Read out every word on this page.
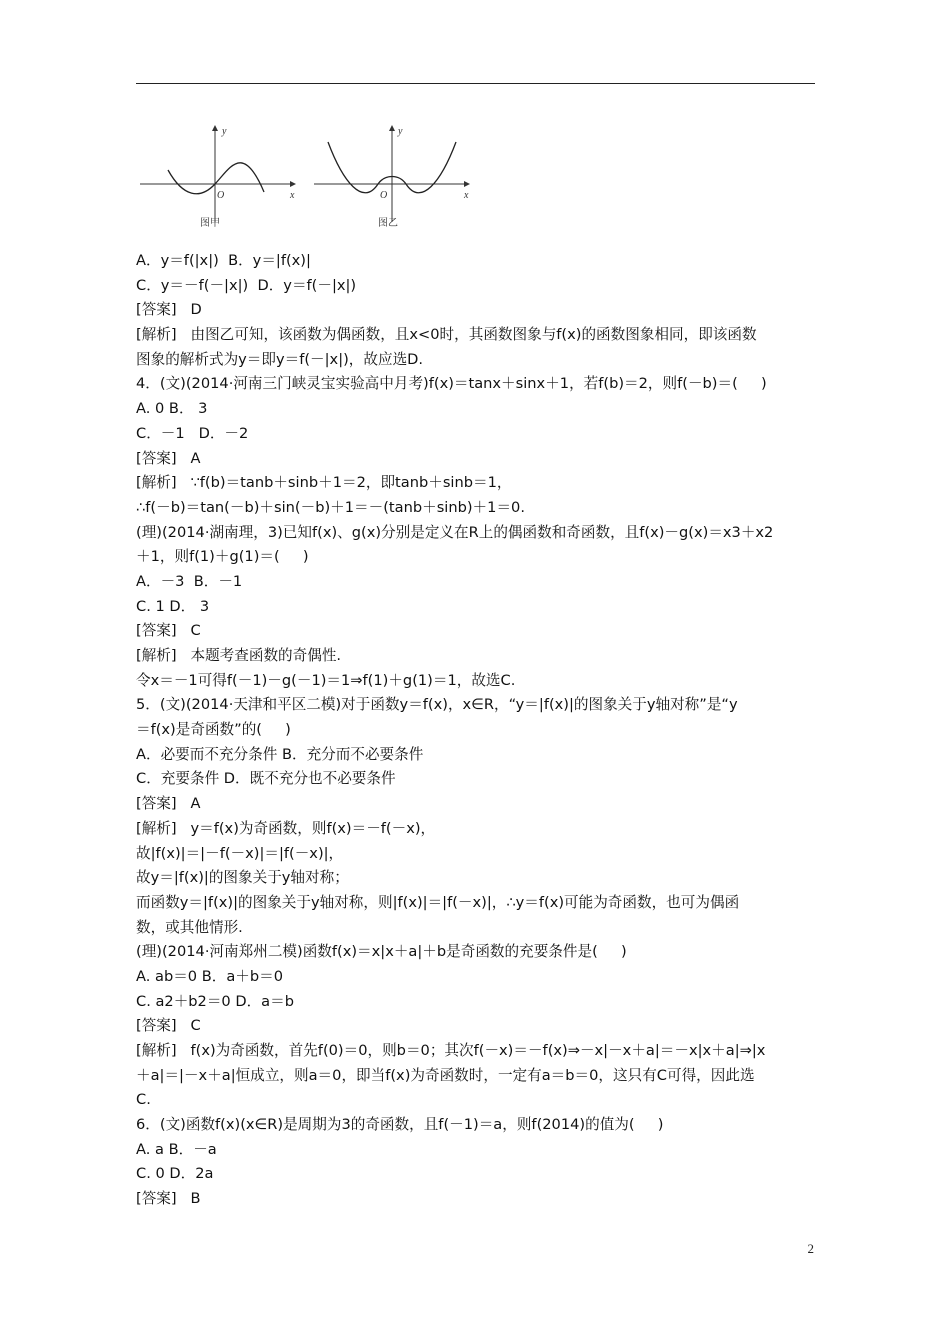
y
x
O
图甲
y
x
O
图乙
A．y＝f(|x|)  B．y＝|f(x)|
C．y＝－f(－|x|)  D．y＝f(－|x|)
[答案]   D
[解析]   由图乙可知，该函数为偶函数，且x<0时，其函数图象与f(x)的函数图象相同，即该函数
图象的解析式为y＝即y＝f(－|x|)，故应选D.
4．(文)(2014·河南三门峡灵宝实验高中月考)f(x)＝tanx＋sinx＋1，若f(b)＝2，则f(－b)＝(     )
A. 0 B． 3
C．－1   D．－2
[答案]   A
[解析]   ∵f(b)＝tanb＋sinb＋1＝2，即tanb＋sinb＝1，
∴f(－b)＝tan(－b)＋sin(－b)＋1＝－(tanb＋sinb)＋1＝0.
(理)(2014·湖南理，3)已知f(x)、g(x)分别是定义在R上的偶函数和奇函数，且f(x)－g(x)＝x3＋x2
＋1，则f(1)＋g(1)＝(     )
A．－3  B．－1
C. 1 D． 3
[答案]   C
[解析]   本题考查函数的奇偶性.
令x＝－1可得f(－1)－g(－1)＝1⇒f(1)＋g(1)＝1，故选C.
5．(文)(2014·天津和平区二模)对于函数y＝f(x)，x∈R，“y＝|f(x)|的图象关于y轴对称”是“y
＝f(x)是奇函数”的(     )
A．必要而不充分条件 B．充分而不必要条件
C．充要条件 D．既不充分也不必要条件
[答案]   A
[解析]   y＝f(x)为奇函数，则f(x)＝－f(－x)，
故|f(x)|＝|－f(－x)|＝|f(－x)|，
故y＝|f(x)|的图象关于y轴对称；
而函数y＝|f(x)|的图象关于y轴对称，则|f(x)|＝|f(－x)|，∴y＝f(x)可能为奇函数，也可为偶函
数，或其他情形.
(理)(2014·河南郑州二模)函数f(x)＝x|x＋a|＋b是奇函数的充要条件是(     )
A. ab＝0 B．a＋b＝0
C. a2＋b2＝0 D．a＝b
[答案]   C
[解析]   f(x)为奇函数，首先f(0)＝0，则b＝0；其次f(－x)＝－f(x)⇒－x|－x＋a|＝－x|x＋a|⇒|x
＋a|＝|－x＋a|恒成立，则a＝0，即当f(x)为奇函数时，一定有a＝b＝0，这只有C可得，因此选
C.
6．(文)函数f(x)(x∈R)是周期为3的奇函数，且f(－1)＝a，则f(2014)的值为(     )
A. a B．－a
C. 0 D．2a
[答案]   B
2
